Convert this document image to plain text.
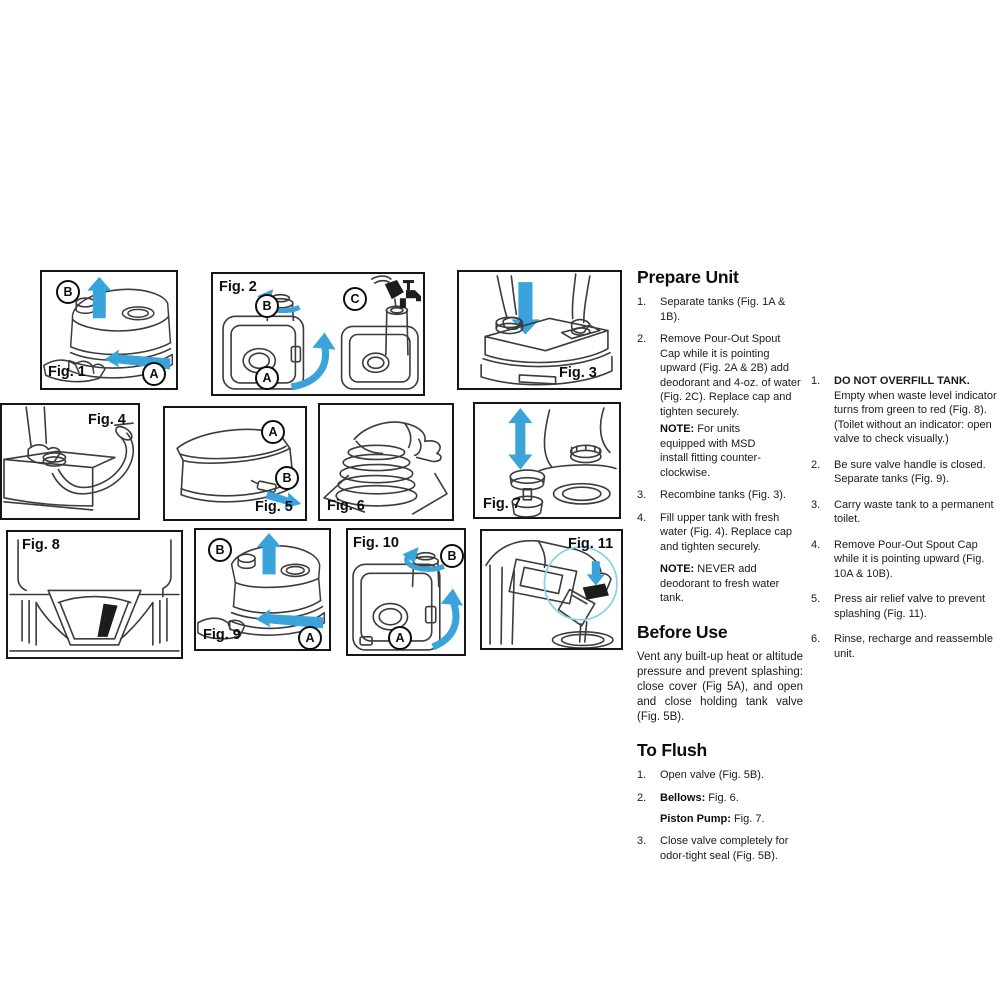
B
A
Fig. 1
Fig. 2
B
A
C
Fig. 3
Fig. 4
A
B
Fig. 5 Fig. 6	Fig. 7
Fig. 8	B
A
Fig. 9
Fig. 10
B
A
Fig. 11
Prepare Unit
1.	Separate tanks (Fig. 1A & 1B).
2.	Remove Pour-Out Spout Cap while it is pointing upward (Fig. 2A & 2B) add deodorant and 4-oz. of water (Fig. 2C). Replace cap and tighten securely.
NOTE: For units equipped with MSD install fitting counter-clockwise.
3.	Recombine tanks (Fig. 3).
4.	Fill upper tank with fresh water (Fig. 4). Replace cap and tighten securely.
NOTE: NEVER add deodorant to fresh water tank.
Before Use
Vent any built-up heat or altitude pressure and prevent splashing: close cover (Fig 5A), and open and close holding tank valve (Fig. 5B).
To Flush
1.	Open valve (Fig. 5B).
2.	Bellows: Fig. 6.
Piston Pump: Fig. 7.
3.	Close valve completely for odor-tight seal (Fig. 5B).
1.	DO NOT OVERFILL TANK.
Empty when waste level indicator turns from green to red (Fig. 8). (Toilet without an indicator: open valve to check visually.)
2.	Be sure valve handle is closed. Separate tanks (Fig. 9).
3.	Carry waste tank to a permanent toilet.
4.	Remove Pour-Out Spout Cap while it is pointing upward (Fig. 10A & 10B).
5.	Press air relief valve to prevent splashing (Fig. 11).
6.	Rinse, recharge and reassemble unit.
